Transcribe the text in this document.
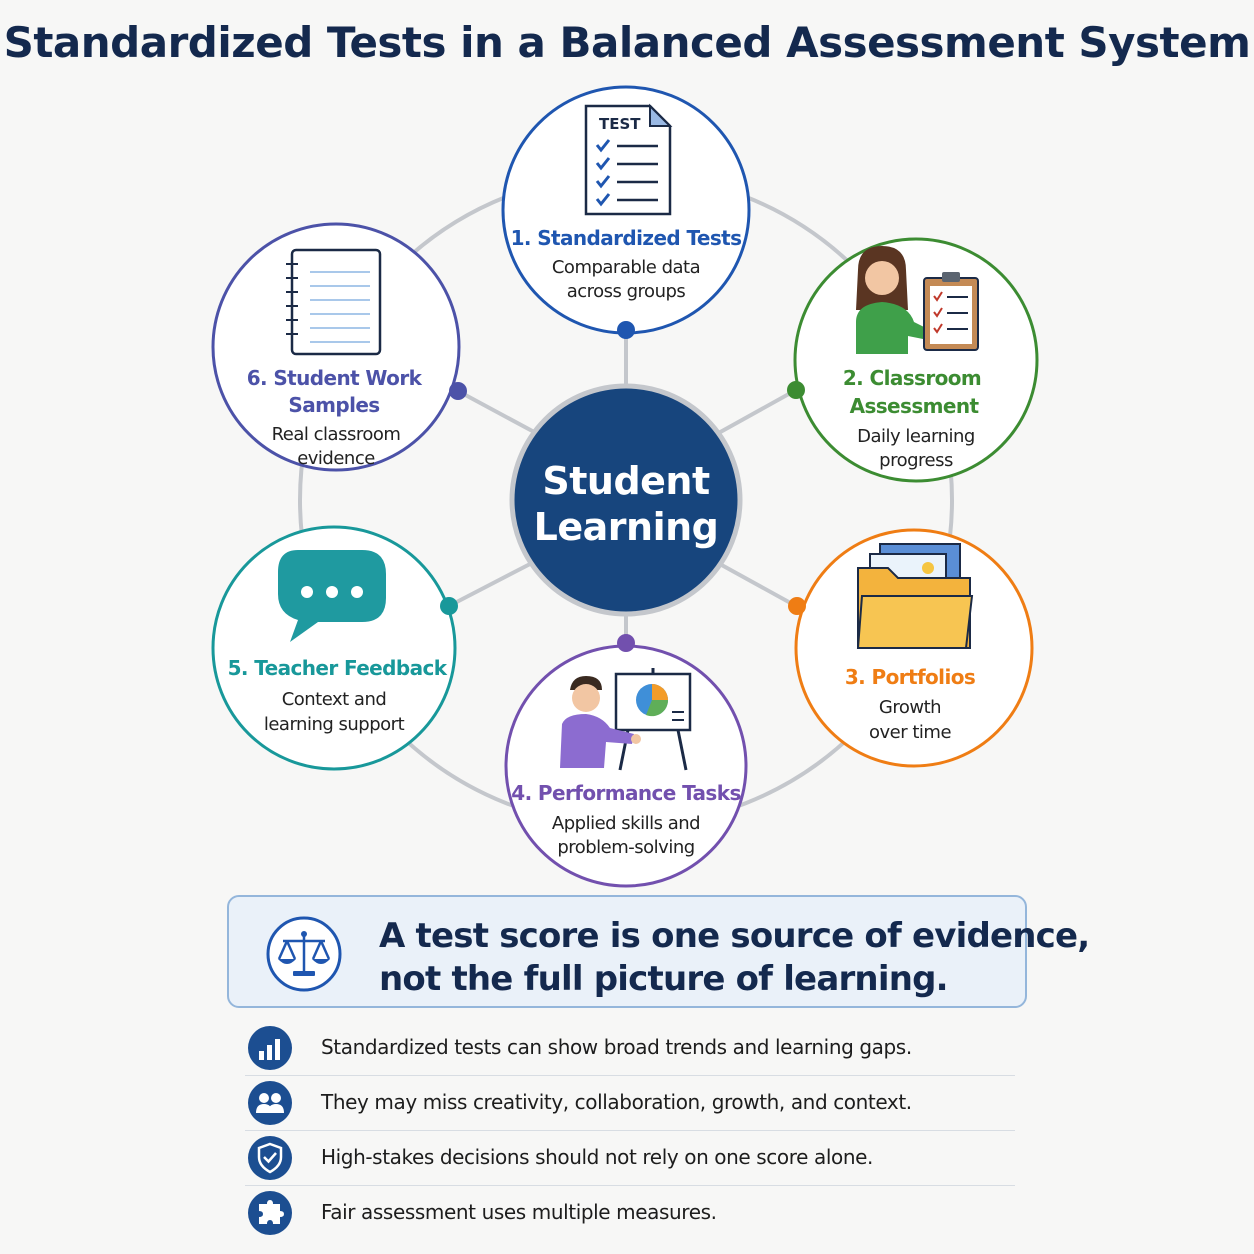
Standardized Tests in a Balanced Assessment System
Student
Learning
TEST
1. Standardized Tests
Comparable data
across groups
2. Classroom
Assessment
Daily learning
progress
3. Portfolios
Growth
over time
4. Performance Tasks
Applied skills and
problem-solving
5. Teacher Feedback
Context and
learning support
6. Student Work
Samples
Real classroom
evidence
A test score is one source of evidence,
not the full picture of learning.
Standardized tests can show broad trends and learning gaps.
They may miss creativity, collaboration, growth, and context.
High-stakes decisions should not rely on one score alone.
Fair assessment uses multiple measures.
